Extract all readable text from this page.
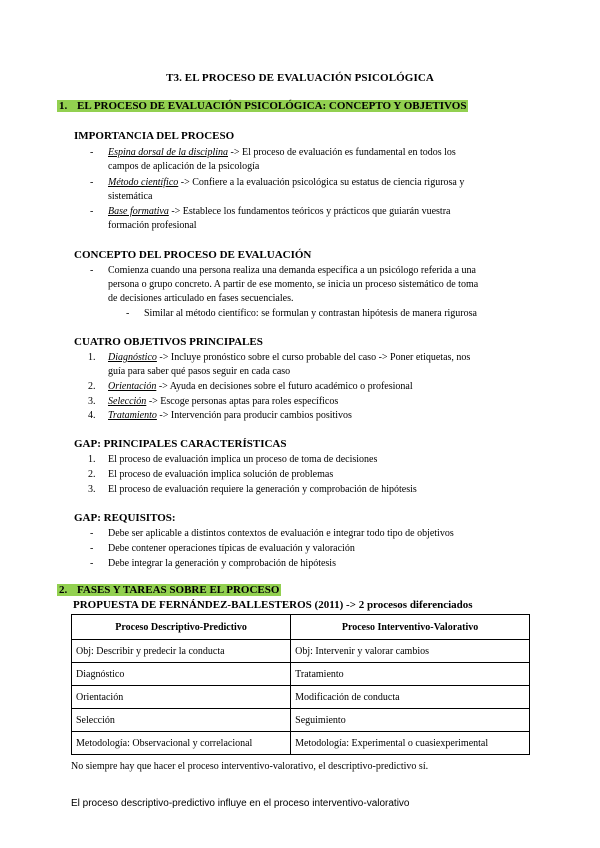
T3. EL PROCESO DE EVALUACIÓN PSICOLÓGICA
1. EL PROCESO DE EVALUACIÓN PSICOLÓGICA: CONCEPTO Y OBJETIVOS
IMPORTANCIA DEL PROCESO
- Espina dorsal de la disciplina -> El proceso de evaluación es fundamental en todos los
campos de aplicación de la psicología
- Método científico -> Confiere a la evaluación psicológica su estatus de ciencia rigurosa y
sistemática
- Base formativa -> Establece los fundamentos teóricos y prácticos que guiarán vuestra
formación profesional
CONCEPTO DEL PROCESO DE EVALUACIÓN
- Comienza cuando una persona realiza una demanda específica a un psicólogo referida a una
persona o grupo concreto. A partir de ese momento, se inicia un proceso sistemático de toma
de decisiones articulado en fases secuenciales.
- Similar al método científico: se formulan y contrastan hipótesis de manera rigurosa
CUATRO OBJETIVOS PRINCIPALES
1. Diagnóstico -> Incluye pronóstico sobre el curso probable del caso -> Poner etiquetas, nos
guía para saber qué pasos seguir en cada caso
2. Orientación -> Ayuda en decisiones sobre el futuro académico o profesional
3. Selección -> Escoge personas aptas para roles específicos
4. Tratamiento -> Intervención para producir cambios positivos
GAP: PRINCIPALES CARACTERÍSTICAS
1. El proceso de evaluación implica un proceso de toma de decisiones
2. El proceso de evaluación implica solución de problemas
3. El proceso de evaluación requiere la generación y comprobación de hipótesis
GAP: REQUISITOS:
- Debe ser aplicable a distintos contextos de evaluación e integrar todo tipo de objetivos
- Debe contener operaciones típicas de evaluación y valoración
- Debe integrar la generación y comprobación de hipótesis
2. FASES Y TAREAS SOBRE EL PROCESO
PROPUESTA DE FERNÁNDEZ-BALLESTEROS (2011) -> 2 procesos diferenciados
Proceso Descriptivo-Predictivo	Proceso Interventivo-Valorativo
Obj: Describir y predecir la conducta	Obj: Intervenir y valorar cambios
Diagnóstico	Tratamiento
Orientación	Modificación de conducta
Selección	Seguimiento
Metodología: Observacional y correlacional	Metodología: Experimental o cuasiexperimental
No siempre hay que hacer el proceso interventivo-valorativo, el descriptivo-predictivo sí.
El proceso descriptivo-predictivo influye en el proceso interventivo-valorativo
